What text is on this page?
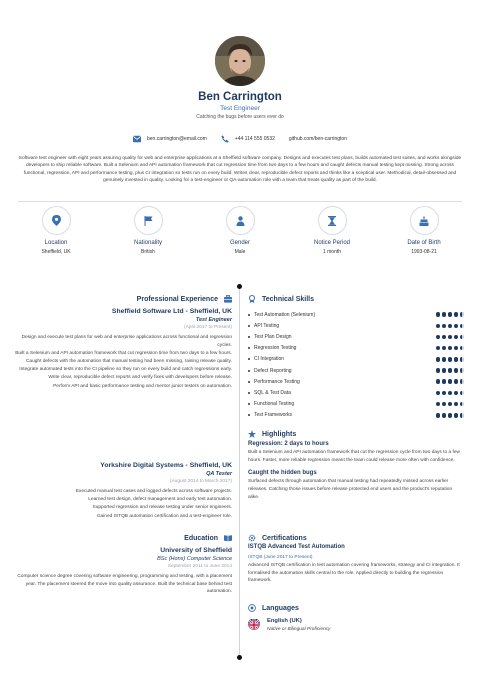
Ben Carrington
Test Engineer
Catching the bugs before users ever do
ben.carrington@email.com	+44 114 555 0532	github.com/ben-carrington
Software test engineer with eight years assuring quality for web and enterprise applications at a Sheffield software company. Designs and executes test plans, builds automated test suites, and works alongside developers to ship reliable software. Built a Selenium and API automation framework that cut regression time from two days to a few hours and caught defects manual testing kept missing. Strong across functional, regression, API and performance testing, plus CI integration so tests run on every build. Writes clear, reproducible defect reports and thinks like a sceptical user. Methodical, detail-obsessed and genuinely invested in quality. Looking for a test-engineer or QA-automation role with a team that treats quality as part of the build.
Location
Sheffield, UK
Nationality
British
Gender
Male
Notice Period
1 month
Date of Birth
1993-08-21
Professional Experience
Sheffield Software Ltd - Sheffield, UK
Test Engineer
(April 2017 to Present)
Design and execute test plans for web and enterprise applications across functional and regression cycles.
Built a Selenium and API automation framework that cut regression time from two days to a few hours.
Caught defects with the automation that manual testing had been missing, raising release quality.
Integrate automated tests into the CI pipeline so they run on every build and catch regressions early.
Write clear, reproducible defect reports and verify fixes with developers before release.
Perform API and basic performance testing and mentor junior testers on automation.
Yorkshire Digital Systems - Sheffield, UK
QA Tester
(August 2014 to March 2017)
Executed manual test cases and logged defects across software projects.
Learned test design, defect management and early test automation.
Supported regression and release testing under senior engineers.
Gained ISTQB automation certification and a test-engineer role.
Education
University of Sheffield
BSc (Hons) Computer Science
September 2011 to June 2014
Computer science degree covering software engineering, programming and testing, with a placement year. The placement steered the move into quality assurance. Built the technical base behind test automation.
Technical Skills
Test Automation (Selenium)
API Testing
Test Plan Design
Regression Testing
CI Integration
Defect Reporting
Performance Testing
SQL & Test Data
Functional Testing
Test Frameworks
Highlights
Regression: 2 days to hours
Built a Selenium and API automation framework that cut the regression cycle from two days to a few hours. Faster, more reliable regression meant the team could release more often with confidence.
Caught the hidden bugs
Surfaced defects through automation that manual testing had repeatedly missed across earlier releases. Catching those issues before release protected end users and the product's reputation alike.
Certifications
ISTQB Advanced Test Automation
ISTQB (June 2017 to Present)
Advanced ISTQB certification in test automation covering frameworks, strategy and CI integration. It formalised the automation skills central to the role. Applied directly to building the regression framework.
Languages
English (UK)
Native or Bilingual Proficiency
